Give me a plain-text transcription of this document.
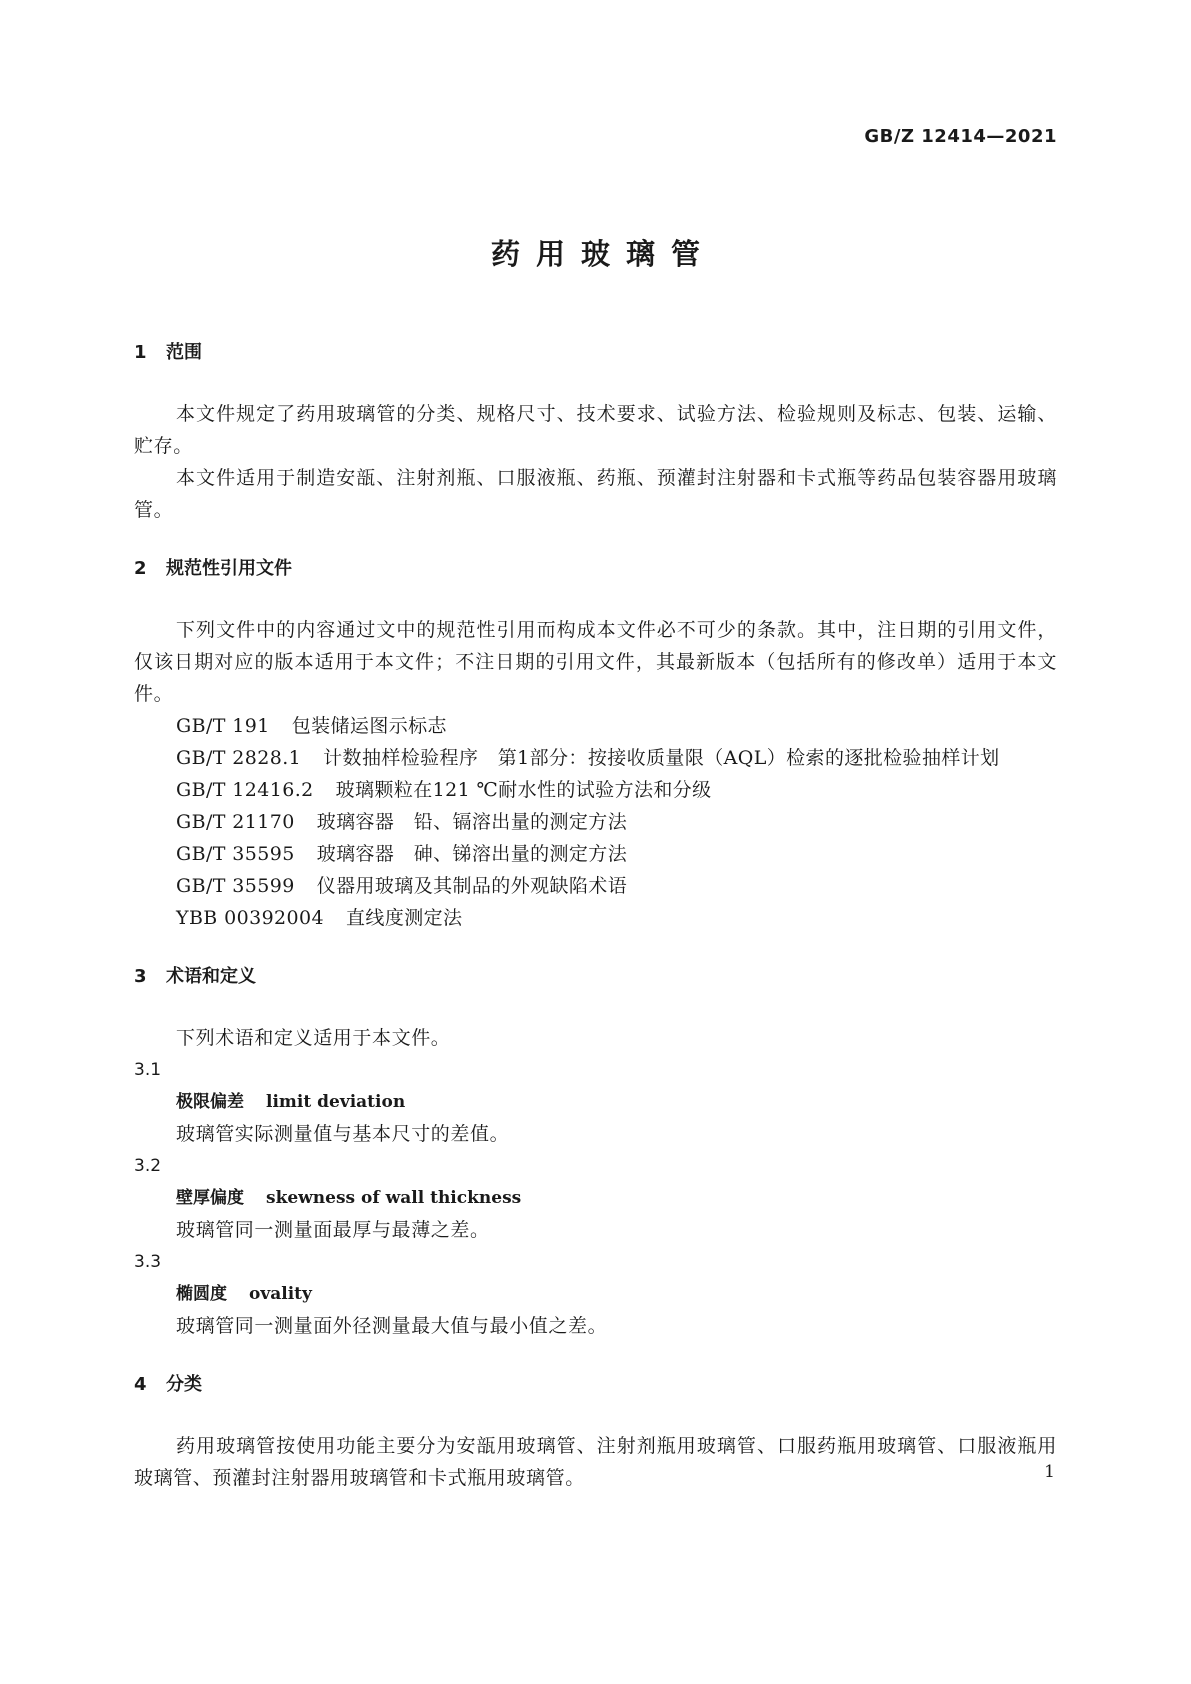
GB/Z 12414—2021
药用玻璃管
1 范围

本文件规定了药用玻璃管的分类、规格尺寸、技术要求、试验方法、检验规则及标志、包装、运输、贮存。

本文件适用于制造安瓿、注射剂瓶、口服液瓶、药瓶、预灌封注射器和卡式瓶等药品包装容器用玻璃管。

2 规范性引用文件

下列文件中的内容通过文中的规范性引用而构成本文件必不可少的条款。其中，注日期的引用文件，仅该日期对应的版本适用于本文件；不注日期的引用文件，其最新版本（包括所有的修改单）适用于本文件。

GB/T 191 包装储运图示标志
GB/T 2828.1 计数抽样检验程序　第1部分：按接收质量限（AQL）检索的逐批检验抽样计划
GB/T 12416.2 玻璃颗粒在121 ℃耐水性的试验方法和分级
GB/T 21170 玻璃容器　铅、镉溶出量的测定方法
GB/T 35595 玻璃容器　砷、锑溶出量的测定方法
GB/T 35599 仪器用玻璃及其制品的外观缺陷术语
YBB 00392004 直线度测定法
3 术语和定义

下列术语和定义适用于本文件。

3.1
极限偏差 limit deviation
玻璃管实际测量值与基本尺寸的差值。
3.2
壁厚偏度 skewness of wall thickness
玻璃管同一测量面最厚与最薄之差。
3.3
椭圆度 ovality
玻璃管同一测量面外径测量最大值与最小值之差。
4 分类

药用玻璃管按使用功能主要分为安瓿用玻璃管、注射剂瓶用玻璃管、口服药瓶用玻璃管、口服液瓶用玻璃管、预灌封注射器用玻璃管和卡式瓶用玻璃管。	1
